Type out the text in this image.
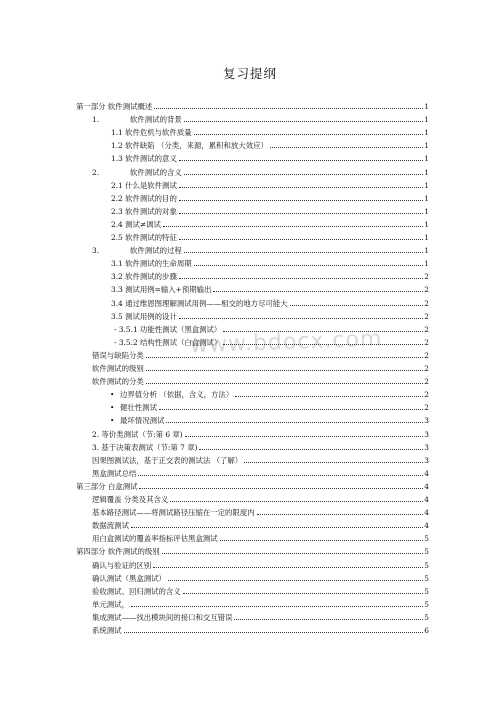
复习提纲
www.bdocx.com
第一部分 软件测试概述	1
1.	软件测试的背景	1
1.1 软件危机与软件质量	1
1.2 软件缺陷 （分类，来源，累积和放大效应）	1
1.3 软件测试的意义	1
2.	软件测试的含义	1
2.1 什么是软件测试	1
2.2 软件测试的目的	1
2.3 软件测试的对象	1
2.4 测试≠调试	1
2.5 软件测试的特征	1
3.	软件测试的过程	1
3.1 软件测试的生命周期	1
3.2 软件测试的步骤	2
3.3 测试用例=输入+预期输出	2
3.4 通过维恩图理解测试用例——相交的地方尽可能大	2
3.5 测试用例的设计	2
- 3.5.1 功能性测试（黑盒测试）	2
- 3.5.2 结构性测试（白盒测试）	2
错误与缺陷分类	2
软件测试的级别	2
软件测试的分类	2
• 边界值分析 （依据，含义，方法）	2
• 健壮性测试	2
• 最坏情况测试	3
2. 等价类测试（节:第 6 章)	3
3. 基于决策表测试（节:第 7 章)	3
因果图测试法，基于正交表的测试法 （了解）	3
黑盒测试总结	4
第三部分 白盒测试	4
逻辑覆盖 分类及其含义	4
基本路径测试——将测试路径压缩在一定的限度内	4
数据流测试	4
用白盒测试的覆盖率指标评估黑盒测试	5
第四部分 软件测试的级别	5
确认与验证的区别	5
确认测试（黑盒测试）	5
验收测试、回归测试的含义	5
单元测试，	5
集成测试——找出模块间的接口和交互错误	5
系统测试	6
